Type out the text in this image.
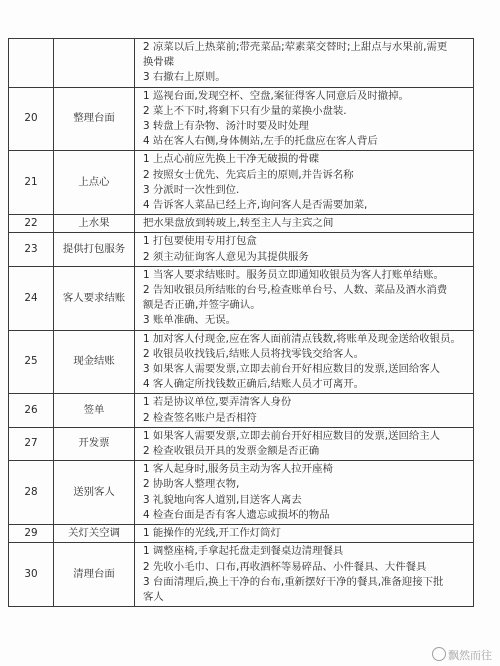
		2 凉菜以后上热菜前;带壳菜品;荤素菜交替时;上甜点与水果前,需更
换骨碟
3 右撤右上原则。

20	整理台面	1 巡视台面,发现空杯、空盘,案征得客人同意后及时撤掉。
2 菜上不下时,将剩下只有少量的菜换小盘装.
3 转盘上有杂物、汤汁时要及时处理
4 站在客人右侧,身体侧站,左手的托盘应在客人背后

21	上点心	1 上点心前应先换上干净无破损的骨碟
2 按照女士优先、先宾后主的原则,并告诉名称
3 分派时一次性到位.
4 告诉客人菜品已经上齐,询问客人是否需要加菜,

22	上水果	把水果盘放到转玻上,转至主人与主宾之间

23	提供打包服务	1 打包要使用专用打包盒
2 须主动征询客人意见为其提供服务

24	客人要求结账	1 当客人要求结账时。服务员立即通知收银员为客人打账单结账。
2 告知收银员所结账的台号,检查账单台号、人数、菜品及酒水消费
额是否正确,并签字确认。
3 账单准确、无误。

25	现金结账	1 加对客人付现金,应在客人面前清点钱数,将账单及现金送给收银员。
2 收银员收找钱后,结账人员将找零钱交给客人。
3 如果客人需要发票,立即去前台开好相应数目的发票,送回给客人
4 客人确定所找钱数正确后,结账人员才可离开。

26	签单	1 若是协议单位,要弄清客人身份
2 检查签名账户是否相符

27	开发票	1 如果客人需要发票,立即去前台开好相应数目的发票,送回给主人
2 检查收银员开具的发票金额是否正确

28	送别客人	1 客人起身时,服务员主动为客人拉开座椅
2 协助客人整理衣物,
3 礼貌地向客人道别,目送客人离去
4 检查台面是否有客人遗忘或损坏的物品

29	关灯关空调	1 能操作的光线,开工作灯筒灯

30	清理台面	1 调整座椅,手拿起托盘走到餐桌边清理餐具
2 先收小毛巾、口布,再收酒杯等易碎品、小件餐具、大件餐具
3 台面清理后,换上干净的台布,重新摆好干净的餐具,准备迎接下批
客人
飘然而往
